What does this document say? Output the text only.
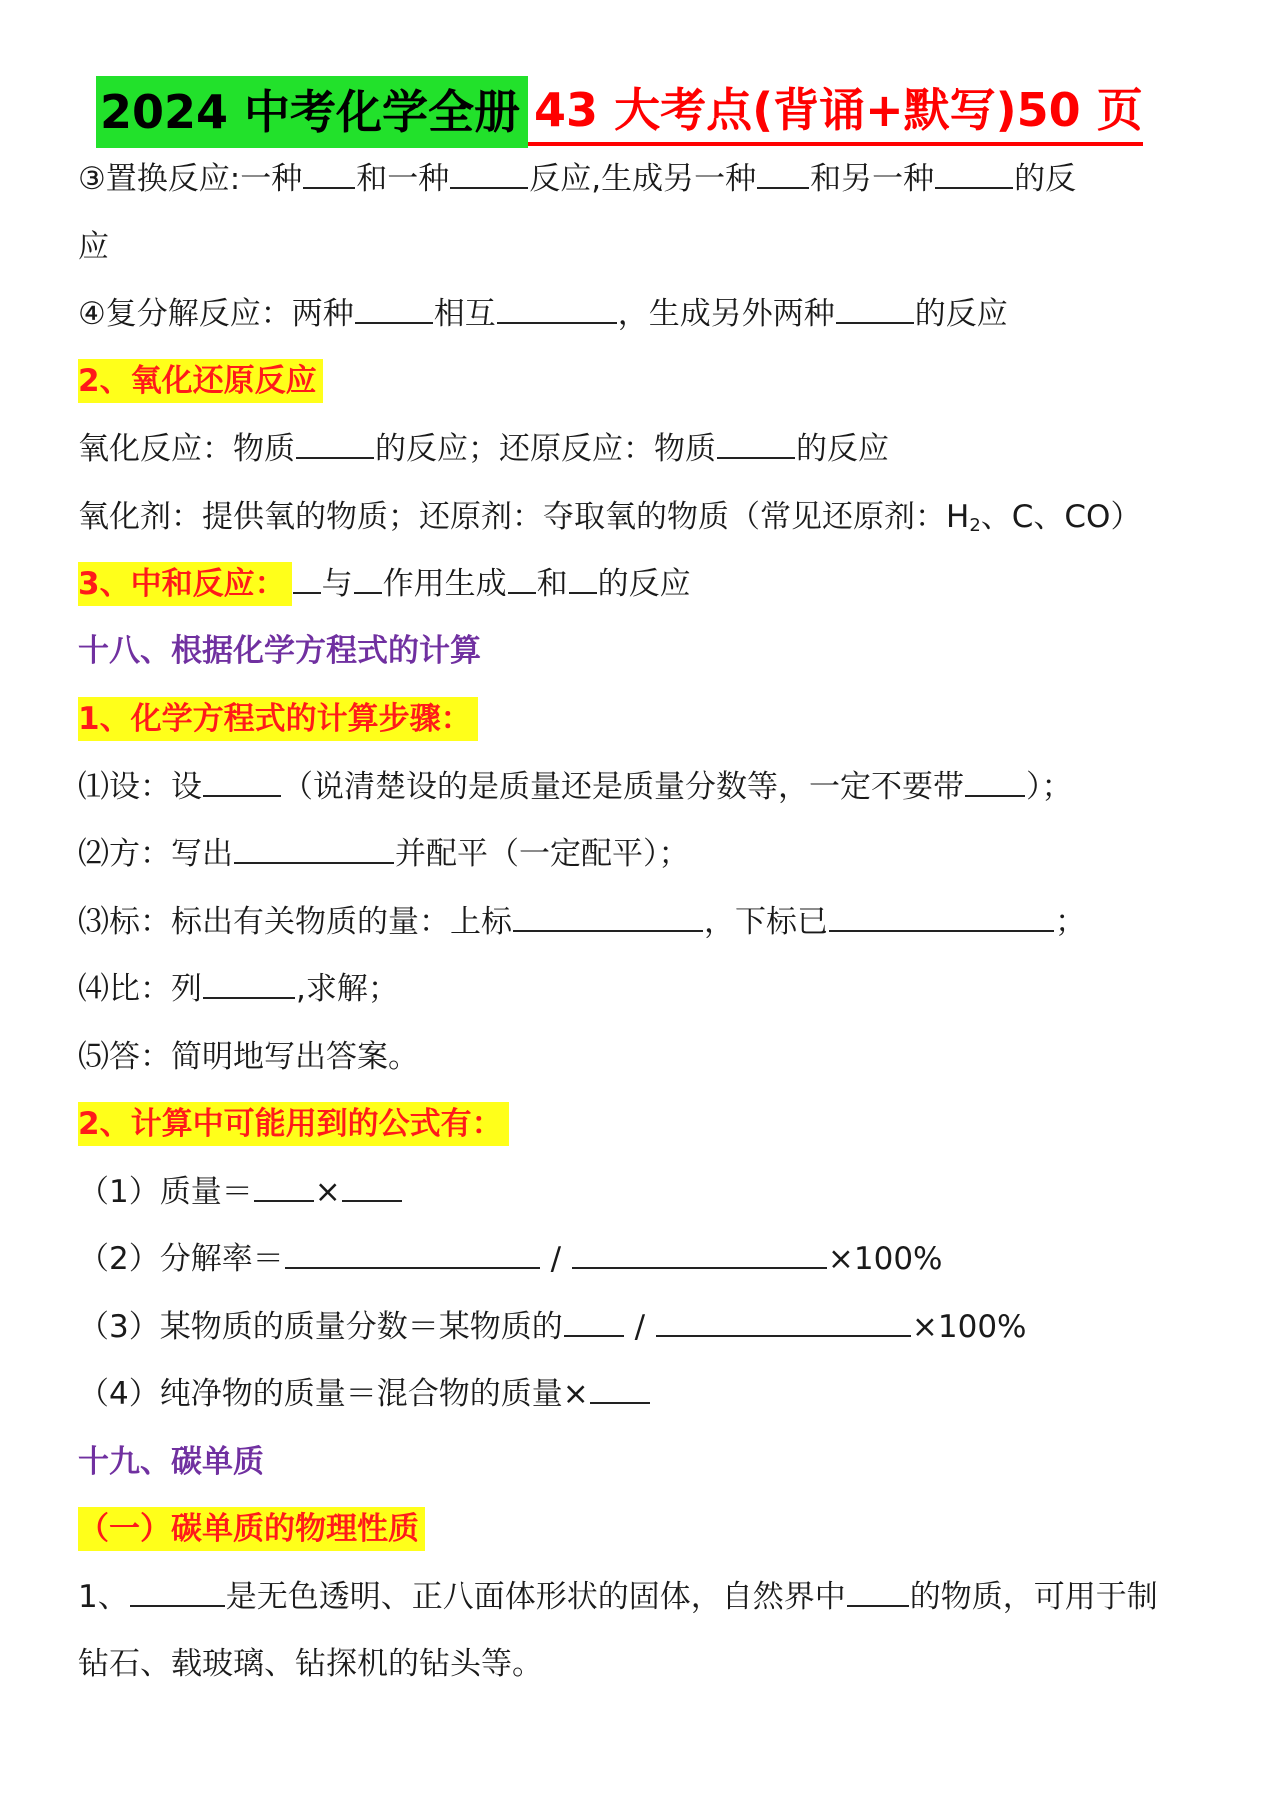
2024 中考化学全册 43 大考点(背诵+默写)50 页
③置换反应:一种 和一种	反应,生成另一种 和另一种	的反
应
④复分解反应：两种	相互	，生成另外两种	的反应
2、氧化还原反应
氧化反应：物质	的反应；还原反应：物质	的反应
氧化剂：提供氧的物质；还原剂：夺取氧的物质（常见还原剂：$H_2$、C、CO）
3、中和反应： 与 作用生成 和 的反应
十八、根据化学方程式的计算
1、化学方程式的计算步骤：
⑴设：设	（说清楚设的是质量还是质量分数等，一定不要带 ）；
⑵方：写出	并配平（一定配平）；
⑶标：标出有关物质的量：上标	，下标已	；
⑷比：列	,求解；
⑸答：简明地写出答案。
2、计算中可能用到的公式有：
（1）质量＝ ×
（2）分解率＝	/	×100%
（3）某物质的质量分数＝某物质的 /	×100%
（4）纯净物的质量＝混合物的质量×
十九、碳单质
（一）碳单质的物理性质
1、	是无色透明、正八面体形状的固体，自然界中 的物质，可用于制
钻石、载玻璃、钻探机的钻头等。
